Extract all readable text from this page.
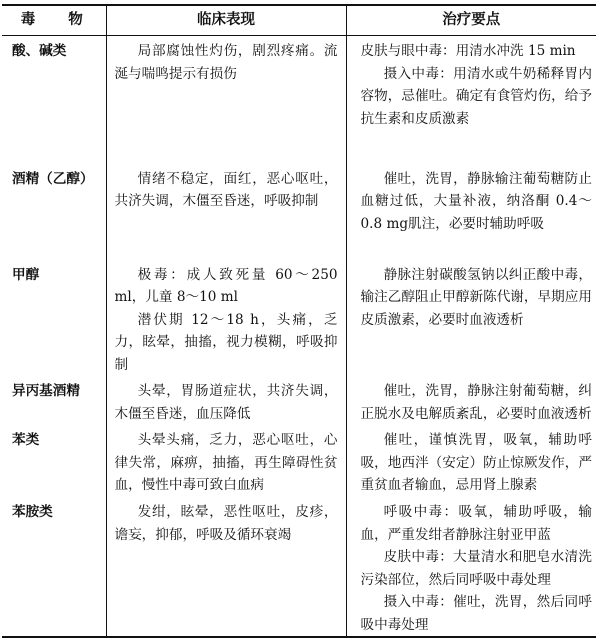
毒 物	临床表现	治疗要点
酸、碱类	局部腐蚀性灼伤，剧烈疼痛。流涎与喘鸣提示有损伤	皮肤与眼中毒：用清水冲洗 15 min
摄入中毒：用清水或牛奶稀释胃内容物，忌催吐。确定有食管灼伤，给予抗生素和皮质激素

酒精（乙醇）	情绪不稳定，面红，恶心呕吐，共济失调，木僵至昏迷，呼吸抑制	催吐，洗胃，静脉输注葡萄糖防止血糖过低，大量补液，纳洛酮 0.4～0.8 mg肌注，必要时辅助呼吸

甲醇	极毒：成人致死量 60～250 ml，儿童 8～10 ml
潜伏期 12～18 h，头痛，乏力，眩晕，抽搐，视力模糊，呼吸抑制	静脉注射碳酸氢钠以纠正酸中毒，输注乙醇阻止甲醇新陈代谢，早期应用皮质激素，必要时血液透析

异丙基酒精	头晕，胃肠道症状，共济失调，木僵至昏迷，血压降低	催吐，洗胃，静脉注射葡萄糖，纠正脱水及电解质紊乱，必要时血液透析

苯类	头晕头痛，乏力，恶心呕吐，心律失常，麻痹，抽搐，再生障碍性贫血，慢性中毒可致白血病	催吐，谨慎洗胃，吸氧，辅助呼吸，地西泮（安定）防止惊厥发作，严重贫血者输血，忌用肾上腺素

苯胺类	发绀，眩晕，恶性呕吐，皮疹，谵妄，抑郁，呼吸及循环衰竭	呼吸中毒：吸氧，辅助呼吸，输血，严重发绀者静脉注射亚甲蓝
皮肤中毒：大量清水和肥皂水清洗污染部位，然后同呼吸中毒处理
摄入中毒：催吐，洗胃，然后同呼吸中毒处理
